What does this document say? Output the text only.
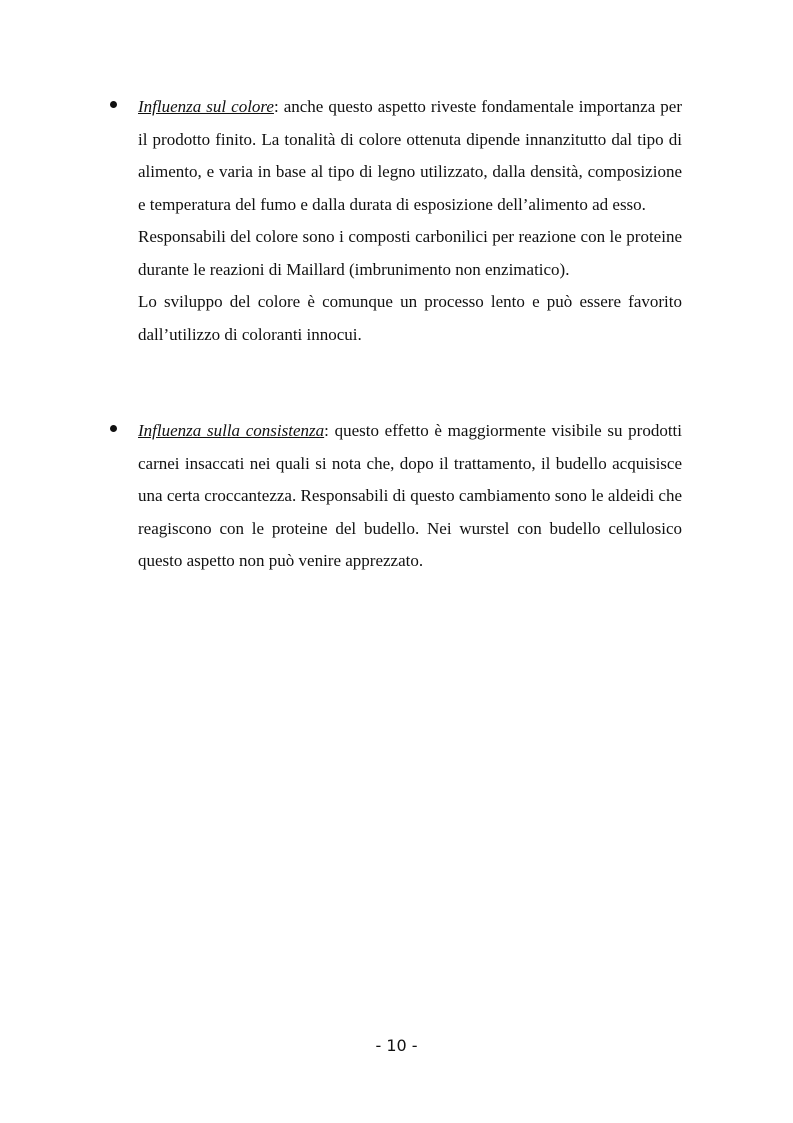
Influenza sul colore: anche questo aspetto riveste fondamentale importanza per il prodotto finito. La tonalità di colore ottenuta dipende innanzitutto dal tipo di alimento, e varia in base al tipo di legno utilizzato, dalla densità, composizione e temperatura del fumo e dalla durata di esposizione dell’alimento ad esso.

Responsabili del colore sono i composti carbonilici per reazione con le proteine durante le reazioni di Maillard (imbrunimento non enzimatico).

Lo sviluppo del colore è comunque un processo lento e può essere favorito dall’utilizzo di coloranti innocui.

Influenza sulla consistenza: questo effetto è maggiormente visibile su prodotti carnei insaccati nei quali si nota che, dopo il trattamento, il budello acquisisce una certa croccantezza. Responsabili di questo cambiamento sono le aldeidi che reagiscono con le proteine del budello. Nei wurstel con budello cellulosico questo aspetto non può venire apprezzato.

- 10 -
